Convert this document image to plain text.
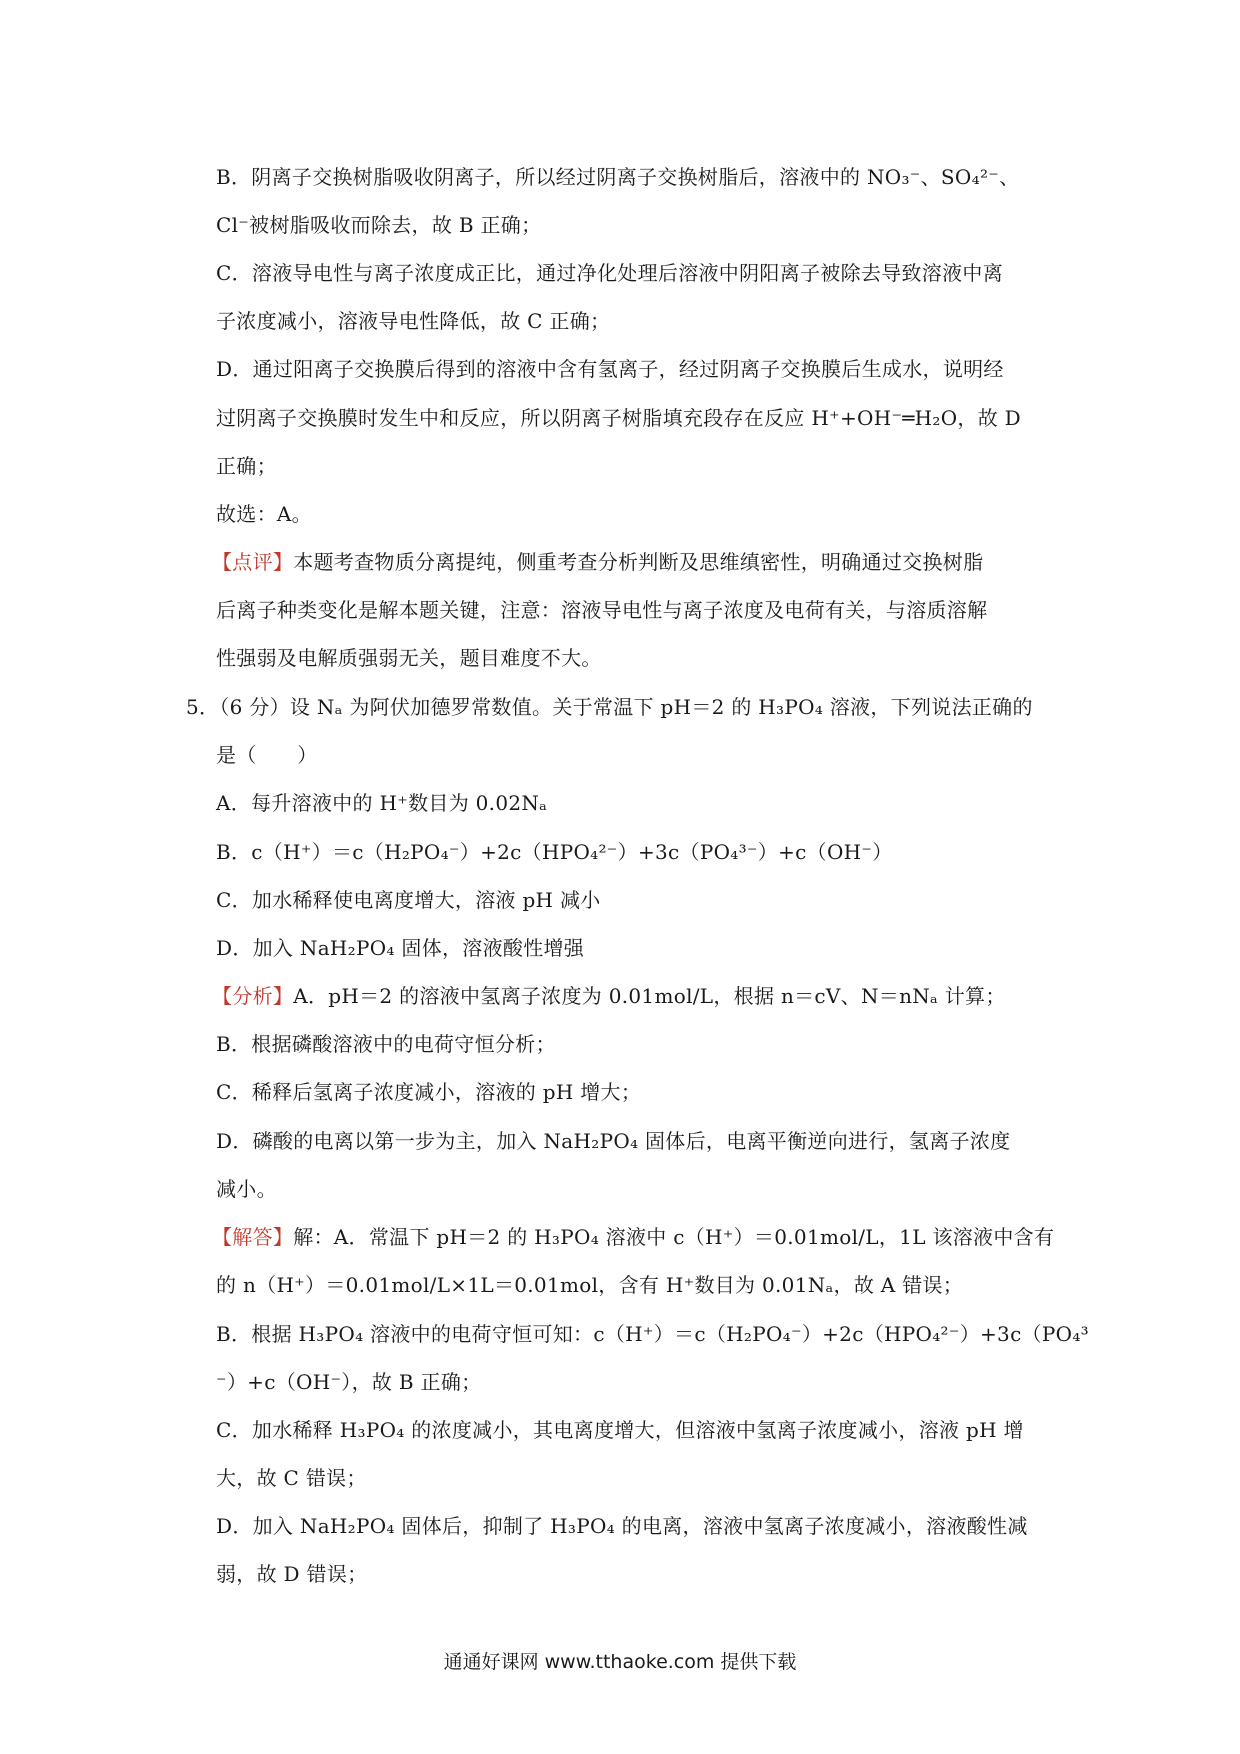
B．阴离子交换树脂吸收阴离子，所以经过阴离子交换树脂后，溶液中的 NO₃⁻、SO₄²⁻、
Cl⁻被树脂吸收而除去，故 B 正确；
C．溶液导电性与离子浓度成正比，通过净化处理后溶液中阴阳离子被除去导致溶液中离
子浓度减小，溶液导电性降低，故 C 正确；
D．通过阳离子交换膜后得到的溶液中含有氢离子，经过阴离子交换膜后生成水，说明经
过阴离子交换膜时发生中和反应，所以阴离子树脂填充段存在反应 H⁺+OH⁻═H₂O，故 D
正确；
故选：A。
【点评】本题考查物质分离提纯，侧重考查分析判断及思维缜密性，明确通过交换树脂
后离子种类变化是解本题关键，注意：溶液导电性与离子浓度及电荷有关，与溶质溶解
性强弱及电解质强弱无关，题目难度不大。
5．（6 分）设 Nₐ 为阿伏加德罗常数值。关于常温下 pH＝2 的 H₃PO₄ 溶液，下列说法正确的
是（　　）
A．每升溶液中的 H⁺数目为 0.02Nₐ
B．c（H⁺）＝c（H₂PO₄⁻）+2c（HPO₄²⁻）+3c（PO₄³⁻）+c（OH⁻）
C．加水稀释使电离度增大，溶液 pH 减小
D．加入 NaH₂PO₄ 固体，溶液酸性增强
【分析】A．pH＝2 的溶液中氢离子浓度为 0.01mol/L，根据 n＝cV、N＝nNₐ 计算；
B．根据磷酸溶液中的电荷守恒分析；
C．稀释后氢离子浓度减小，溶液的 pH 增大；
D．磷酸的电离以第一步为主，加入 NaH₂PO₄ 固体后，电离平衡逆向进行，氢离子浓度
减小。
【解答】解：A．常温下 pH＝2 的 H₃PO₄ 溶液中 c（H⁺）＝0.01mol/L，1L 该溶液中含有
的 n（H⁺）＝0.01mol/L×1L＝0.01mol，含有 H⁺数目为 0.01Nₐ，故 A 错误；
B．根据 H₃PO₄ 溶液中的电荷守恒可知：c（H⁺）＝c（H₂PO₄⁻）+2c（HPO₄²⁻）+3c（PO₄³
⁻）+c（OH⁻），故 B 正确；
C．加水稀释 H₃PO₄ 的浓度减小，其电离度增大，但溶液中氢离子浓度减小，溶液 pH 增
大，故 C 错误；
D．加入 NaH₂PO₄ 固体后，抑制了 H₃PO₄ 的电离，溶液中氢离子浓度减小，溶液酸性减
弱，故 D 错误；
通通好课网 www.tthaoke.com 提供下载
